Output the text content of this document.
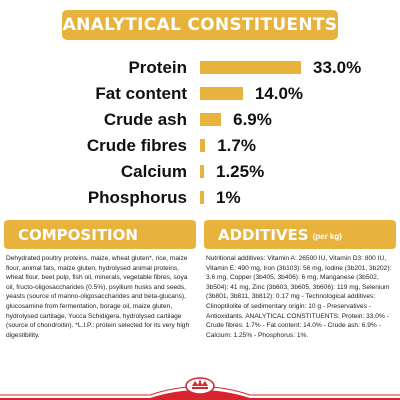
ANALYTICAL CONSTITUENTS
Protein	33.0%
Fat content	14.0%
Crude ash	6.9%
Crude fibres 1.7%
Calcium 1.25%
Phosphorus 1%
COMPOSITION

Dehydrated poultry proteins, maize, wheat gluten*, rice, maize flour, animal fats, maize gluten, hydrolysed animal proteins, wheat flour, beet pulp, fish oil, minerals, vegetable fibres, soya oil, fructo-oligosaccharides (0.5%), psyllium husks and seeds, yeasts (source of manno-oligosaccharides and beta-glucans), glucosamine from fermentation, borage oil, maize gluten, hydrolysed cartilage, Yucca Schidigera, hydrolysed cartilage (source of chondroitin). *L.I.P.: protein selected for its very high digestibility.

ADDITIVES (per kg)

Nutritional additives: Vitamin A: 26500 IU, Vitamin D3: 800 IU, Vitamin E: 490 mg, Iron (3b103): 56 mg, Iodine (3b201, 3b202): 3.6 mg, Copper (3b405, 3b406): 6 mg, Manganese (3b502, 3b504): 41 mg, Zinc (3b603, 3b605, 3b606): 119 mg, Selenium (3b801, 3b811, 3b812): 0.17 mg - Technological additives: Clinoptilolite of sedimentary origin: 10 g - Preservatives - Antioxidants. ANALYTICAL CONSTITUENTS: Protein: 33.0% - Crude fibres: 1.7% - Fat content: 14.0% - Crude ash: 6.9% - Calcium: 1.25% - Phosphorus: 1%.
